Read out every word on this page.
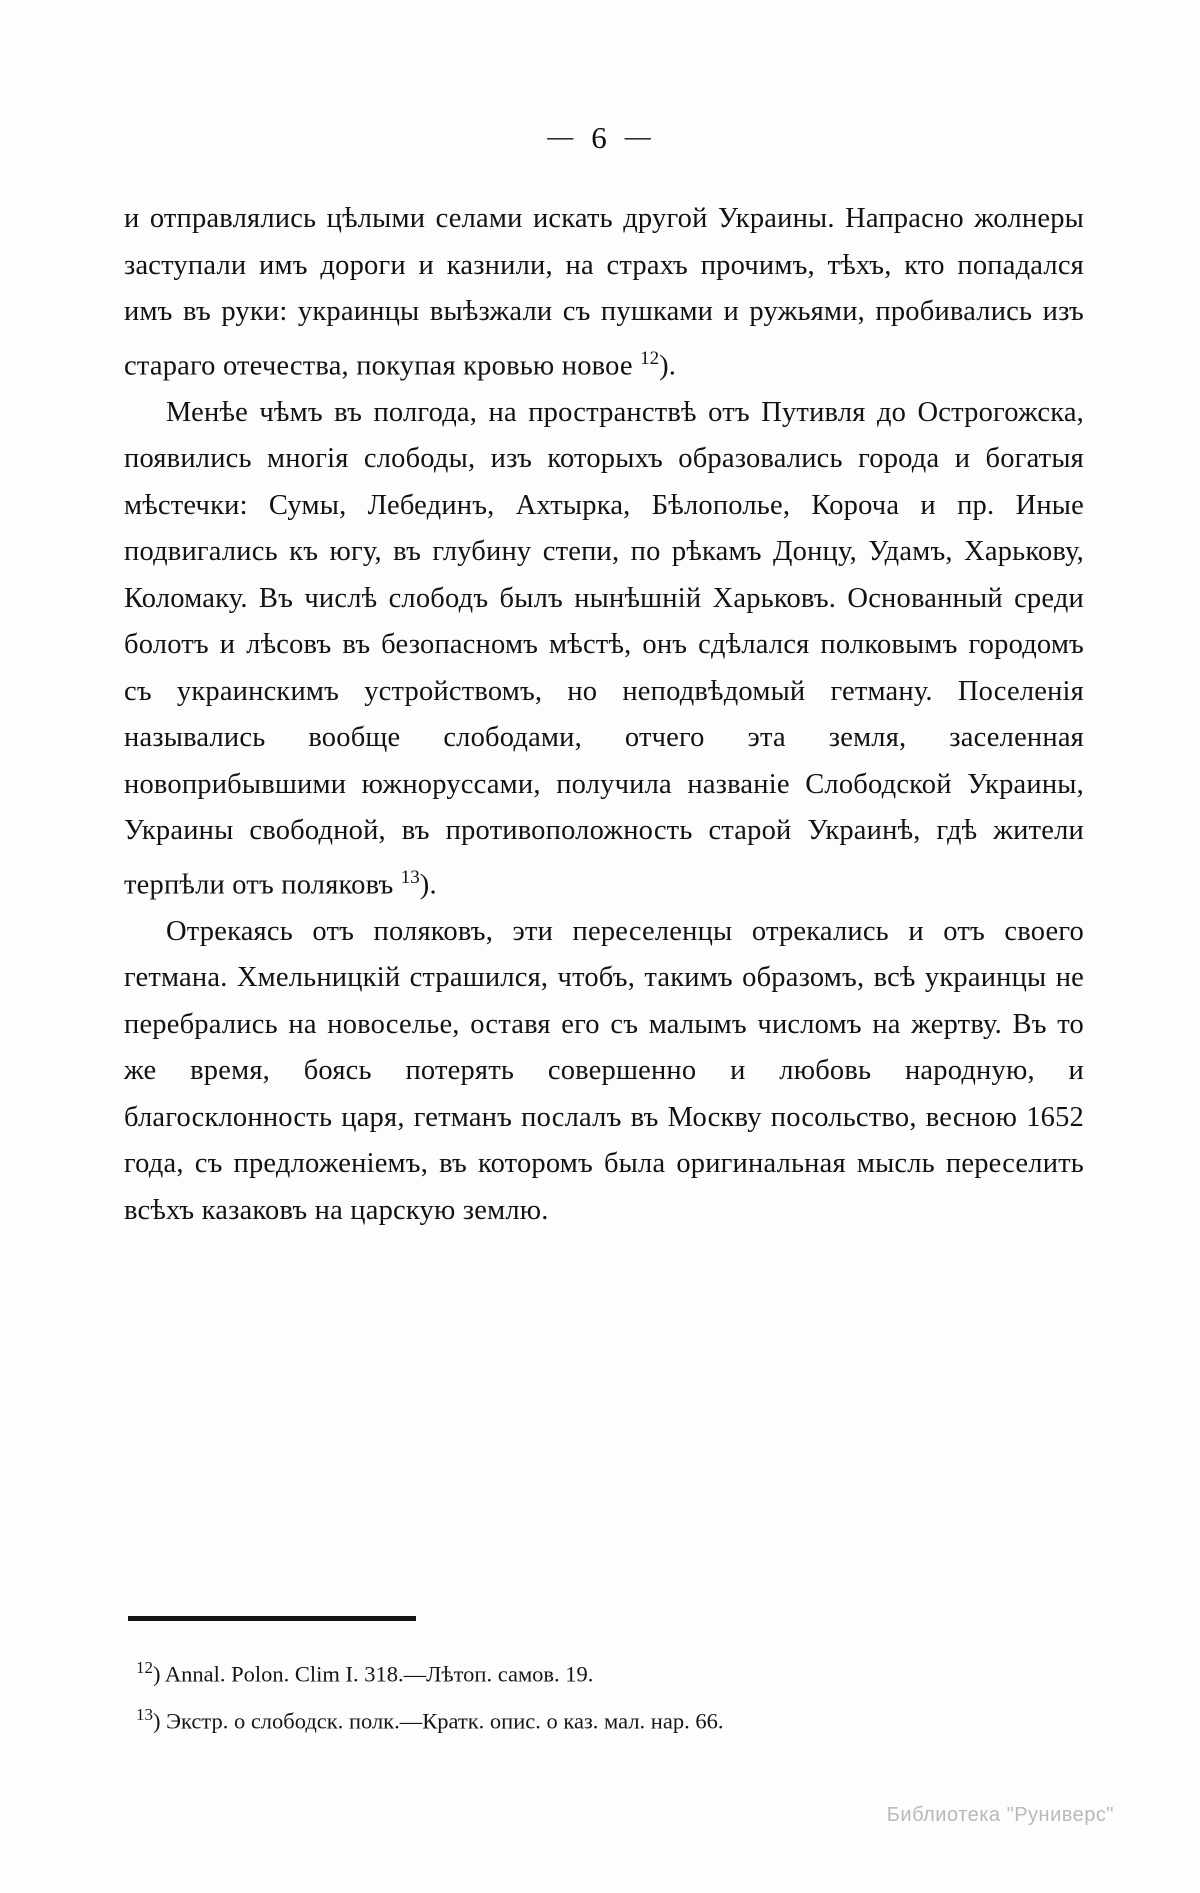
— 6 —

и отправлялись цѣлыми селами искать другой Украины. Напрасно жолнеры заступали имъ дороги и казнили, на страхъ прочимъ, тѣхъ, кто попадался имъ въ руки: украинцы выѣзжали съ пушками и ружьями, пробивались изъ стараго отечества, покупая кровью новое $^{12}$).

Менѣе чѣмъ въ полгода, на пространствѣ отъ Путивля до Острогожска, появились многія слободы, изъ которыхъ образовались города и богатыя мѣстечки: Сумы, Лебединъ, Ахтырка, Бѣлополье, Короча и пр. Иные подвигались къ югу, въ глубину степи, по рѣкамъ Донцу, Удамъ, Харькову, Коломаку. Въ числѣ слободъ былъ нынѣшній Харьковъ. Основанный среди болотъ и лѣсовъ въ безопасномъ мѣстѣ, онъ сдѣлался полковымъ городомъ съ украинскимъ устройствомъ, но неподвѣдомый гетману. Поселенія назывались вообще слободами, отчего эта земля, заселенная новоприбывшими южноруссами, получила названіе Слободской Украины, Украины свободной, въ противоположность старой Украинѣ, гдѣ жители терпѣли отъ поляковъ $^{13}$).

Отрекаясь отъ поляковъ, эти переселенцы отрекались и отъ своего гетмана. Хмельницкій страшился, чтобъ, такимъ образомъ, всѣ украинцы не перебрались на новоселье, оставя его съ малымъ числомъ на жертву. Въ то же время, боясь потерять совершенно и любовь народную, и благосклонность царя, гетманъ послалъ въ Москву посольство, весною 1652 года, съ предложеніемъ, въ которомъ была оригинальная мысль переселить всѣхъ казаковъ на царскую землю.

$^{12}$) Annal. Polon. Clim I. 318.—Лѣтоп. самов. 19.
$^{13}$) Экстр. о слободск. полк.—Кратк. опис. о каз. мал. нар. 66.
Библиотека "Руниверс"
